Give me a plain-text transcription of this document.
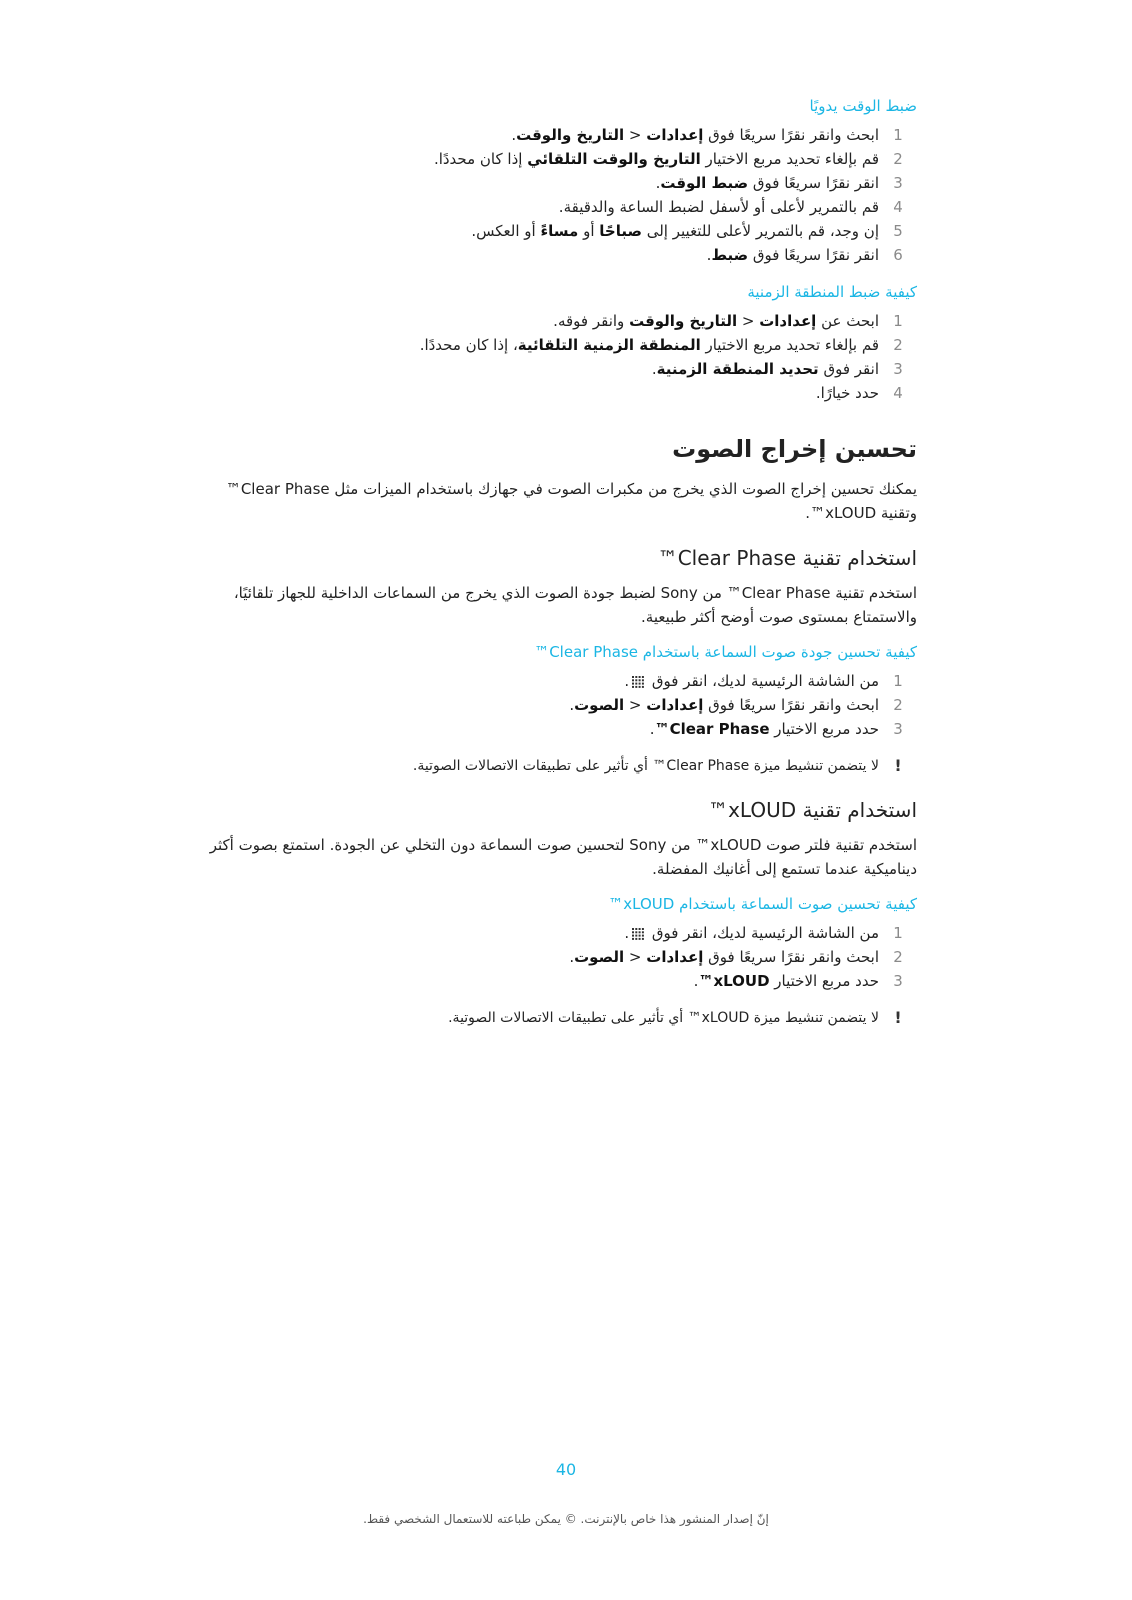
ضبط الوقت يدويًا
1
ابحث وانقر نقرًا سريعًا فوق إعدادات < التاريخ والوقت.
2
قم بإلغاء تحديد مربع الاختيار التاريخ والوقت التلقائي إذا كان محددًا.
3
انقر نقرًا سريعًا فوق ضبط الوقت.
4
قم بالتمرير لأعلى أو لأسفل لضبط الساعة والدقيقة.
5
إن وجد، قم بالتمرير لأعلى للتغيير إلى صباحًا أو مساءً أو العكس.
6
انقر نقرًا سريعًا فوق ضبط.
كيفية ضبط المنطقة الزمنية
1
ابحث عن إعدادات < التاريخ والوقت وانقر فوقه.
2
قم بإلغاء تحديد مربع الاختيار المنطقة الزمنية التلقائية، إذا كان محددًا.
3
انقر فوق تحديد المنطقة الزمنية.
4
حدد خيارًا.
تحسين إخراج الصوت
يمكنك تحسين إخراج الصوت الذي يخرج من مكبرات الصوت في جهازك باستخدام الميزات مثل Clear Phase™ وتقنية xLOUD™.
استخدام تقنية Clear Phase™
استخدم تقنية Clear Phase™ من Sony لضبط جودة الصوت الذي يخرج من السماعات الداخلية للجهاز تلقائيًا، والاستمتاع بمستوى صوت أوضح أكثر طبيعية.
كيفية تحسين جودة صوت السماعة باستخدام Clear Phase™
1
من الشاشة الرئيسية لديك، انقر فوق .
2
ابحث وانقر نقرًا سريعًا فوق إعدادات < الصوت.
3
حدد مربع الاختيار Clear Phase™.
!
لا يتضمن تنشيط ميزة Clear Phase™ أي تأثير على تطبيقات الاتصالات الصوتية.
استخدام تقنية xLOUD™
استخدم تقنية فلتر صوت xLOUD™ من Sony لتحسين صوت السماعة دون التخلي عن الجودة. استمتع بصوت أكثر ديناميكية عندما تستمع إلى أغانيك المفضلة.
كيفية تحسين صوت السماعة باستخدام xLOUD™
1
من الشاشة الرئيسية لديك، انقر فوق .
2
ابحث وانقر نقرًا سريعًا فوق إعدادات < الصوت.
3
حدد مربع الاختيار xLOUD™.
!
لا يتضمن تنشيط ميزة xLOUD™ أي تأثير على تطبيقات الاتصالات الصوتية.
40
إنّ إصدار المنشور هذا خاص بالإنترنت. © يمكن طباعته للاستعمال الشخصي فقط.
